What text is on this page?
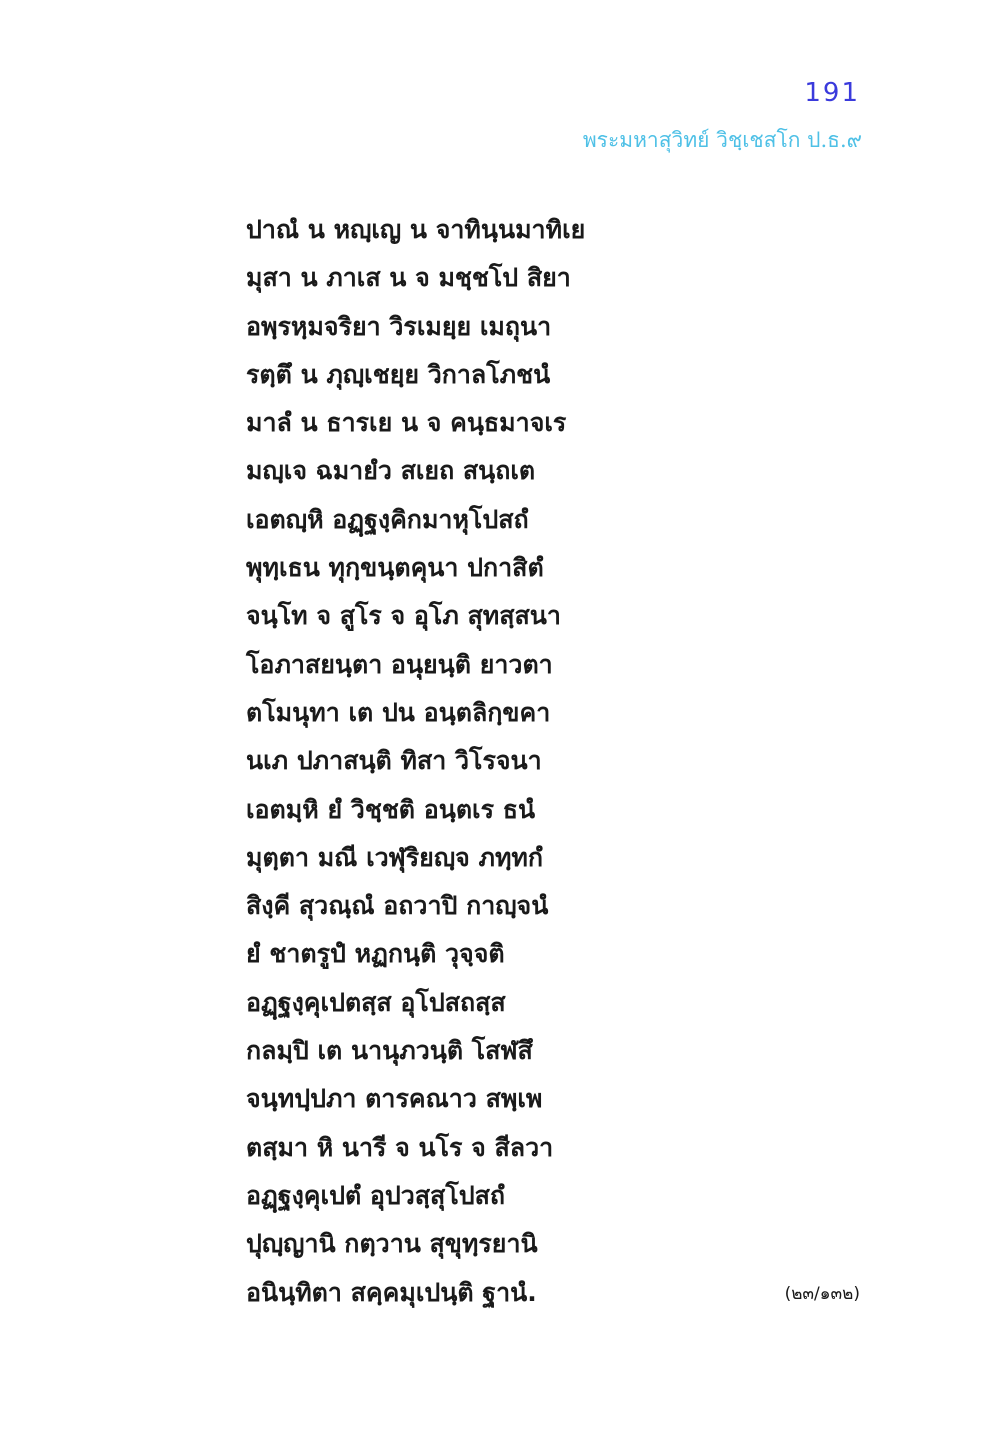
191
พระมหาสุวิทย์ วิชฺเชสโก ป.ธ.๙
ปาณํ น หญฺเญ น จาทินฺนมาทิเย
มุสา น ภาเส น จ มชฺชโป สิยา
อพฺรหฺมจริยา วิรเมยฺย เมถุนา
รตฺตึ น ภุญฺเชยฺย วิกาลโภชนํ
มาลํ น ธารเย น จ คนฺธมาจเร
มญฺเจ ฉมายํว สเยถ สนฺถเต
เอตญฺหิ อฏฺฐงฺคิกมาหุโปสถํ
พุทฺเธน ทุกฺขนฺตคุนา ปกาสิตํ
จนฺโท จ สูโร จ อุโภ สุทสฺสนา
โอภาสยนฺตา อนุยนฺติ ยาวตา
ตโมนุทา เต ปน อนฺตลิกฺขคา
นเภ ปภาสนฺติ ทิสา วิโรจนา
เอตมฺหิ ยํ วิชฺชติ อนฺตเร ธนํ
มุตฺตา มณี เวฬุริยญฺจ ภทฺทกํ
สิงฺคี สุวณฺณํ อถวาปิ กาญฺจนํ
ยํ ชาตรูปํ หฏกนฺติ วุจฺจติ
อฏฺฐงฺคุเปตสฺส อุโปสถสฺส
กลมฺปิ เต นานุภวนฺติ โสฬสึ
จนฺทปฺปภา ตารคณาว สพฺเพ
ตสฺมา หิ นารี จ นโร จ สีลวา
อฏฺฐงฺคุเปตํ อุปวสฺสุโปสถํ
ปุญฺญานิ กตฺวาน สุขุทฺรยานิ
อนินฺทิตา สคฺคมุเปนฺติ ฐานํ.	(๒๓/๑๓๒)
